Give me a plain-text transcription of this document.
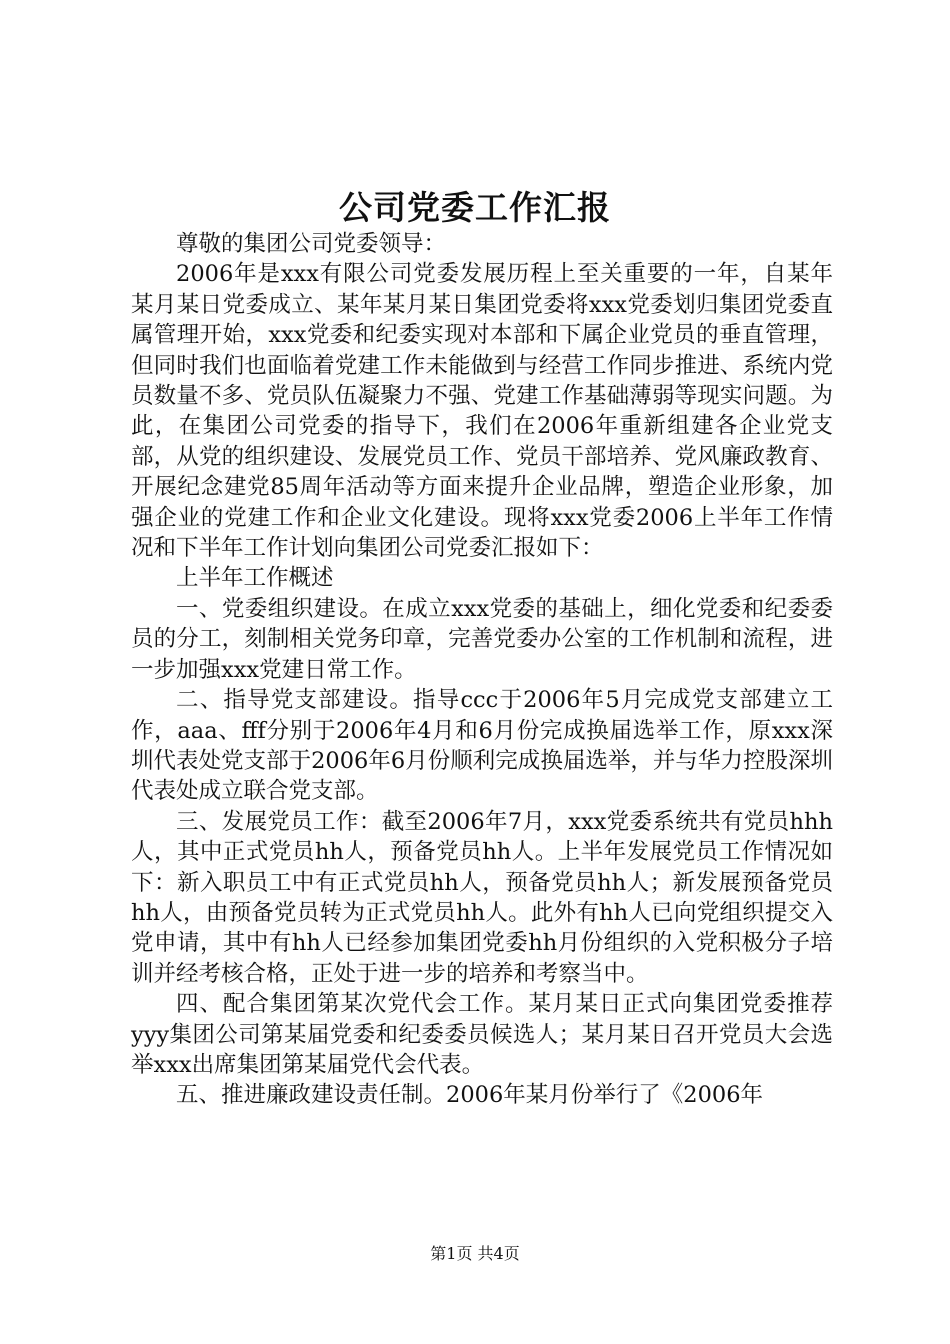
公司党委工作汇报

尊敬的集团公司党委领导：

2006年是xxx有限公司党委发展历程上至关重要的一年，自某年某月某日党委成立、某年某月某日集团党委将xxx党委划归集团党委直属管理开始，xxx党委和纪委实现对本部和下属企业党员的垂直管理，但同时我们也面临着党建工作未能做到与经营工作同步推进、系统内党员数量不多、党员队伍凝聚力不强、党建工作基础薄弱等现实问题。为此，在集团公司党委的指导下，我们在2006年重新组建各企业党支部，从党的组织建设、发展党员工作、党员干部培养、党风廉政教育、开展纪念建党85周年活动等方面来提升企业品牌，塑造企业形象，加强企业的党建工作和企业文化建设。现将xxx党委2006上半年工作情况和下半年工作计划向集团公司党委汇报如下：

上半年工作概述

一、党委组织建设。在成立xxx党委的基础上，细化党委和纪委委员的分工，刻制相关党务印章，完善党委办公室的工作机制和流程，进一步加强xxx党建日常工作。

二、指导党支部建设。指导ccc于2006年5月完成党支部建立工作，aaa、fff分别于2006年4月和6月份完成换届选举工作，原xxx深圳代表处党支部于2006年6月份顺利完成换届选举，并与华力控股深圳代表处成立联合党支部。

三、发展党员工作：截至2006年7月，xxx党委系统共有党员hhh人，其中正式党员hh人，预备党员hh人。上半年发展党员工作情况如下：新入职员工中有正式党员hh人，预备党员hh人；新发展预备党员hh人，由预备党员转为正式党员hh人。此外有hh人已向党组织提交入党申请，其中有hh人已经参加集团党委hh月份组织的入党积极分子培训并经考核合格，正处于进一步的培养和考察当中。

四、配合集团第某次党代会工作。某月某日正式向集团党委推荐yyy集团公司第某届党委和纪委委员候选人；某月某日召开党员大会选举xxx出席集团第某届党代会代表。

五、推进廉政建设责任制。2006年某月份举行了《2006年

第1页 共4页
